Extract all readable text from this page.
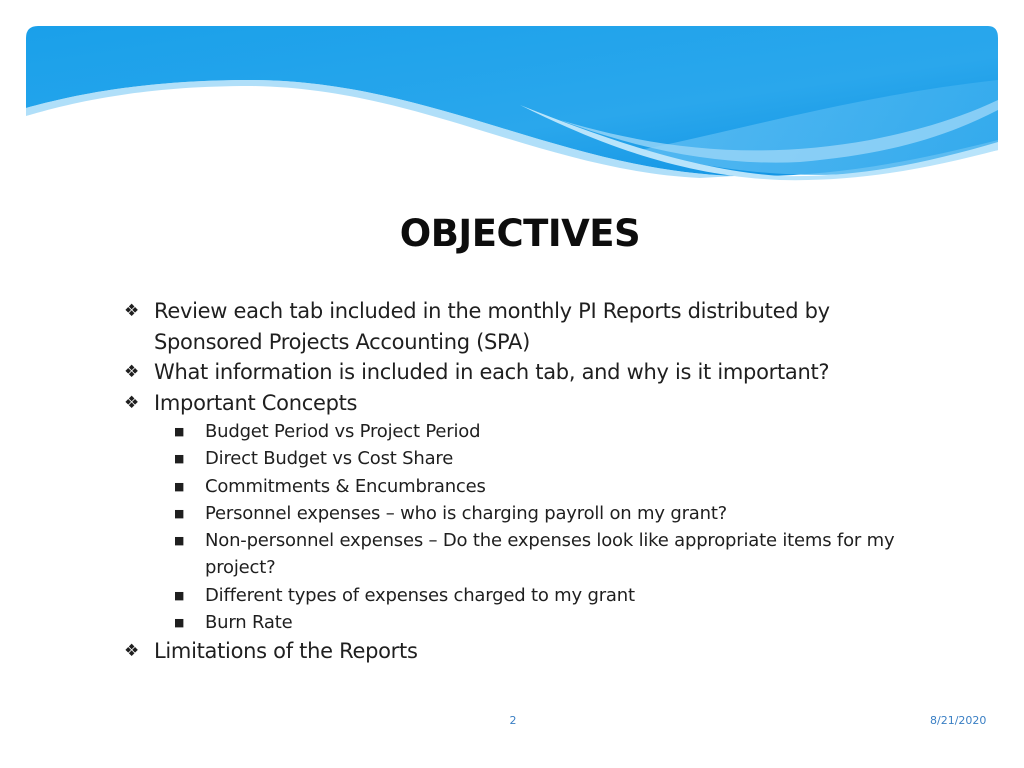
OBJECTIVES
❖ Review each tab included in the monthly PI Reports distributed by Sponsored Projects Accounting (SPA)
❖ What information is included in each tab, and why is it important?
❖ Important Concepts
■ Budget Period vs Project Period
■ Direct Budget vs Cost Share
■ Commitments & Encumbrances
■ Personnel expenses – who is charging payroll on my grant?
■ Non-personnel expenses – Do the expenses look like appropriate items for my project?
■ Different types of expenses charged to my grant
■ Burn Rate
❖ Limitations of the Reports
2	8/21/2020
